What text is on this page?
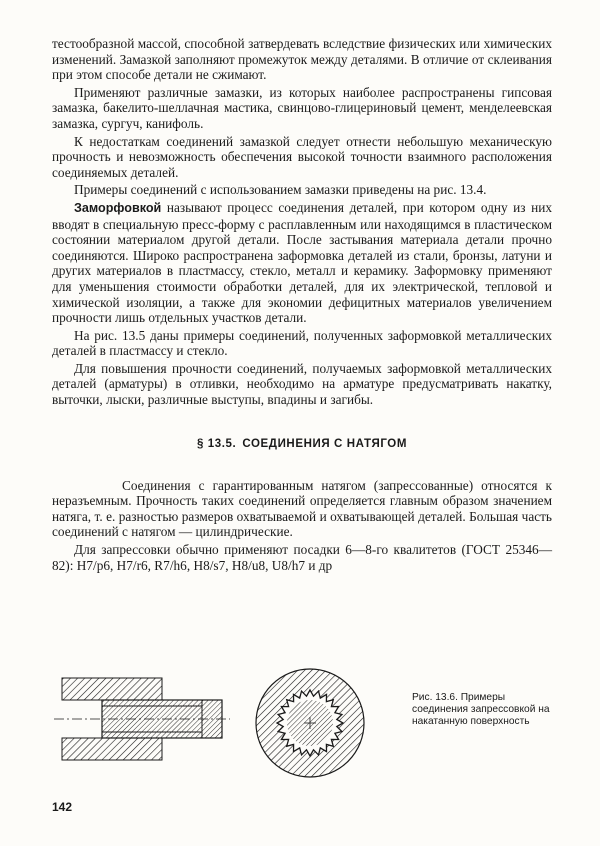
тестообразной массой, способной затвердевать вследствие физических или химических изменений. Замазкой заполняют промежуток между деталями. В отличие от склеивания при этом способе детали не сжимают.

Применяют различные замазки, из которых наиболее распространены гипсовая замазка, бакелито-шеллачная мастика, свинцово-глицериновый цемент, менделеевская замазка, сургуч, канифоль.

К недостаткам соединений замазкой следует отнести небольшую механическую прочность и невозможность обеспечения высокой точности взаимного расположения соединяемых деталей.

Примеры соединений с использованием замазки приведены на рис. 13.4.

Заморфовкой называют процесс соединения деталей, при котором одну из них вводят в специальную пресс-форму с расплавленным или находящимся в пластическом состоянии материалом другой детали. После застывания материала детали прочно соединяются. Широко распространена заформовка деталей из стали, бронзы, латуни и других материалов в пластмассу, стекло, металл и керамику. Заформовку применяют для уменьшения стоимости обработки деталей, для их электрической, тепловой и химической изоляции, а также для экономии дефицитных материалов увеличением прочности лишь отдельных участков детали.

На рис. 13.5 даны примеры соединений, полученных заформовкой металлических деталей в пластмассу и стекло.

Для повышения прочности соединений, получаемых заформовкой металлических деталей (арматуры) в отливки, необходимо на арматуре предусматривать накатку, выточки, лыски, различные выступы, впадины и загибы.

§ 13.5. СОЕДИНЕНИЯ С НАТЯГОМ

Соединения с гарантированным натягом (запрессованные) относятся к неразъемным. Прочность таких соединений определяется главным образом значением натяга, т. е. разностью размеров охватываемой и охватывающей деталей. Большая часть соединений с натягом — цилиндрические.

Для запрессовки обычно применяют посадки 6—8-го квалитетов (ГОСТ 25346—82): H7/p6, H7/r6, R7/h6, H8/s7, H8/u8, U8/h7 и др

Рис. 13.6. Примеры соединения запрессовкой на накатанную поверхность
142
